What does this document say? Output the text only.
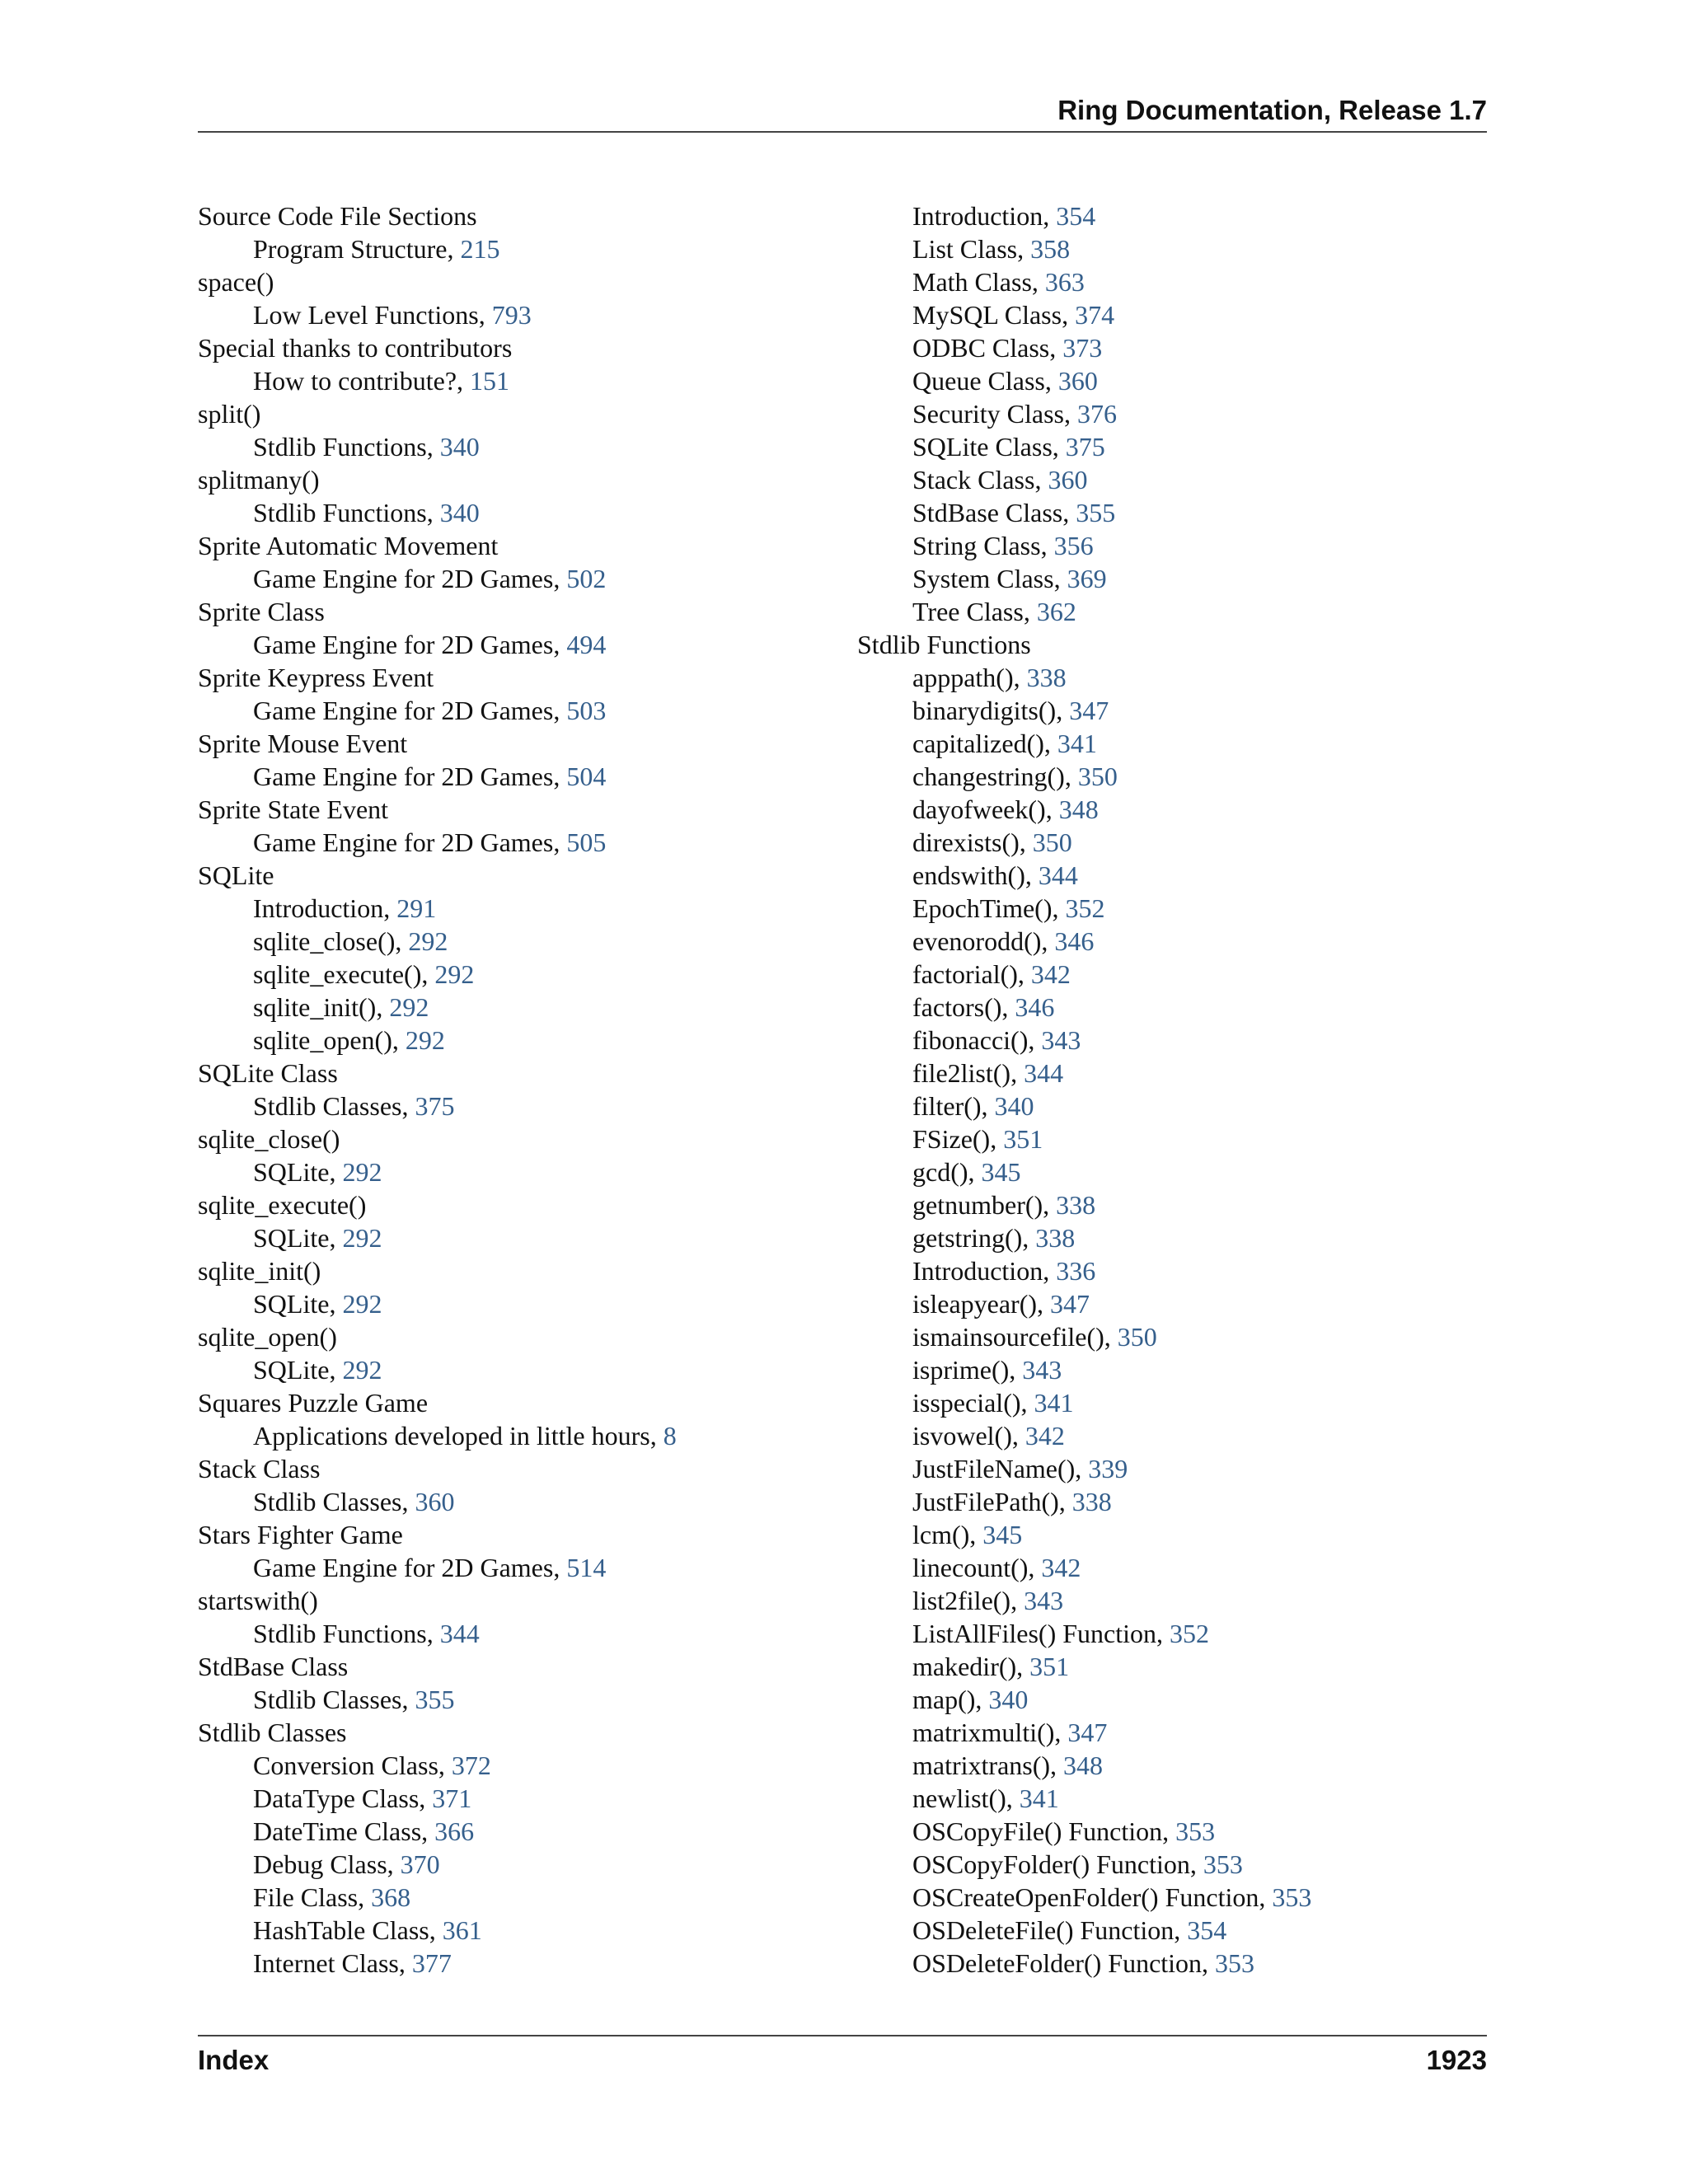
Ring Documentation, Release 1.7
Source Code File Sections
Program Structure, 215
space()
Low Level Functions, 793
Special thanks to contributors
How to contribute?, 151
split()
Stdlib Functions, 340
splitmany()
Stdlib Functions, 340
Sprite Automatic Movement
Game Engine for 2D Games, 502
Sprite Class
Game Engine for 2D Games, 494
Sprite Keypress Event
Game Engine for 2D Games, 503
Sprite Mouse Event
Game Engine for 2D Games, 504
Sprite State Event
Game Engine for 2D Games, 505
SQLite
Introduction, 291
sqlite_close(), 292
sqlite_execute(), 292
sqlite_init(), 292
sqlite_open(), 292
SQLite Class
Stdlib Classes, 375
sqlite_close()
SQLite, 292
sqlite_execute()
SQLite, 292
sqlite_init()
SQLite, 292
sqlite_open()
SQLite, 292
Squares Puzzle Game
Applications developed in little hours, 8
Stack Class
Stdlib Classes, 360
Stars Fighter Game
Game Engine for 2D Games, 514
startswith()
Stdlib Functions, 344
StdBase Class
Stdlib Classes, 355
Stdlib Classes
Conversion Class, 372
DataType Class, 371
DateTime Class, 366
Debug Class, 370
File Class, 368
HashTable Class, 361
Internet Class, 377
Introduction, 354
List Class, 358
Math Class, 363
MySQL Class, 374
ODBC Class, 373
Queue Class, 360
Security Class, 376
SQLite Class, 375
Stack Class, 360
StdBase Class, 355
String Class, 356
System Class, 369
Tree Class, 362
Stdlib Functions
apppath(), 338
binarydigits(), 347
capitalized(), 341
changestring(), 350
dayofweek(), 348
direxists(), 350
endswith(), 344
EpochTime(), 352
evenorodd(), 346
factorial(), 342
factors(), 346
fibonacci(), 343
file2list(), 344
filter(), 340
FSize(), 351
gcd(), 345
getnumber(), 338
getstring(), 338
Introduction, 336
isleapyear(), 347
ismainsourcefile(), 350
isprime(), 343
isspecial(), 341
isvowel(), 342
JustFileName(), 339
JustFilePath(), 338
lcm(), 345
linecount(), 342
list2file(), 343
ListAllFiles() Function, 352
makedir(), 351
map(), 340
matrixmulti(), 347
matrixtrans(), 348
newlist(), 341
OSCopyFile() Function, 353
OSCopyFolder() Function, 353
OSCreateOpenFolder() Function, 353
OSDeleteFile() Function, 354
OSDeleteFolder() Function, 353
Index	1923
